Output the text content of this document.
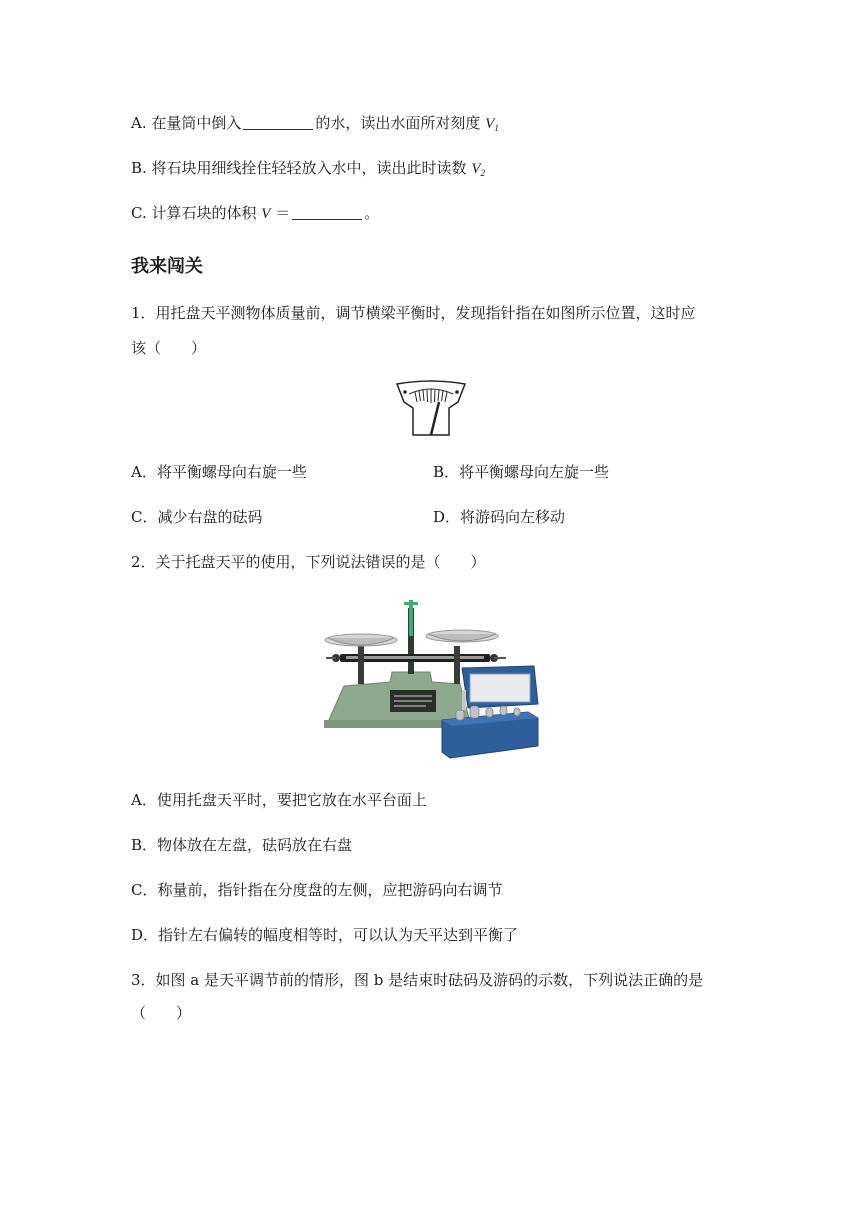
A. 在量筒中倒入	的水，读出水面所对刻度 $V_1$
B. 将石块用细线拴住轻轻放入水中，读出此时读数 $V_2$
C. 计算石块的体积 V ＝	。
我来闯关
1．用托盘天平测物体质量前，调节横梁平衡时，发现指针指在如图所示位置，这时应
该（　　）
A．将平衡螺母向右旋一些	B．将平衡螺母向左旋一些
C．减少右盘的砝码	D．将游码向左移动
2．关于托盘天平的使用，下列说法错误的是（　　）
A．使用托盘天平时，要把它放在水平台面上
B．物体放在左盘，砝码放在右盘
C．称量前，指针指在分度盘的左侧，应把游码向右调节
D．指针左右偏转的幅度相等时，可以认为天平达到平衡了
3．如图 a 是天平调节前的情形，图 b 是结束时砝码及游码的示数，下列说法正确的是
（　　）
